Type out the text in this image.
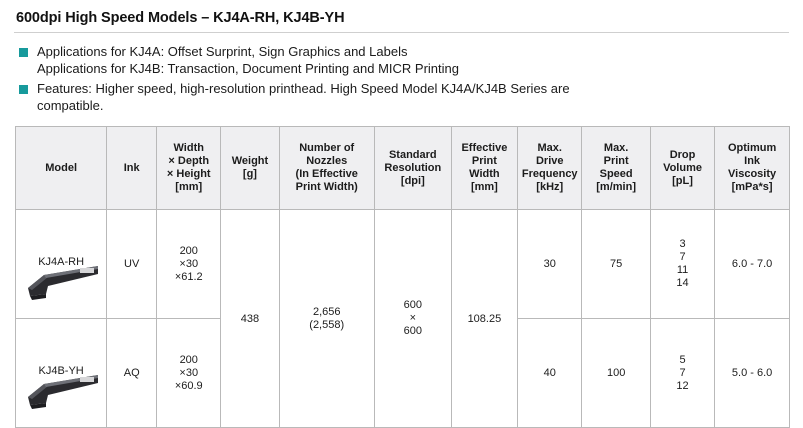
600dpi High Speed Models – KJ4A-RH, KJ4B-YH
Applications for KJ4A: Offset Surprint, Sign Graphics and Labels
Applications for KJ4B: Transaction, Document Printing and MICR Printing
Features: Higher speed, high-resolution printhead. High Speed Model KJ4A/KJ4B Series are
compatible.
Model	Ink	Width
× Depth
× Height
[mm]	Weight
[g]	Number of
Nozzles
(In Effective
Print Width)	Standard
Resolution
[dpi]	Effective
Print
Width
[mm]	Max.
Drive
Frequency
[kHz]	Max.
Print
Speed
[m/min]	Drop
Volume
[pL]	Optimum
Ink
Viscosity
[mPa*s]

KJ4A-RH	UV	200
×30
×61.2	438	2,656
(2,558)	600
×
600	108.25	30	75	3
7
11
14	6.0 - 7.0

KJ4B-YH	AQ	200
×30
×60.9					40	100	5
7
12	5.0 - 6.0
